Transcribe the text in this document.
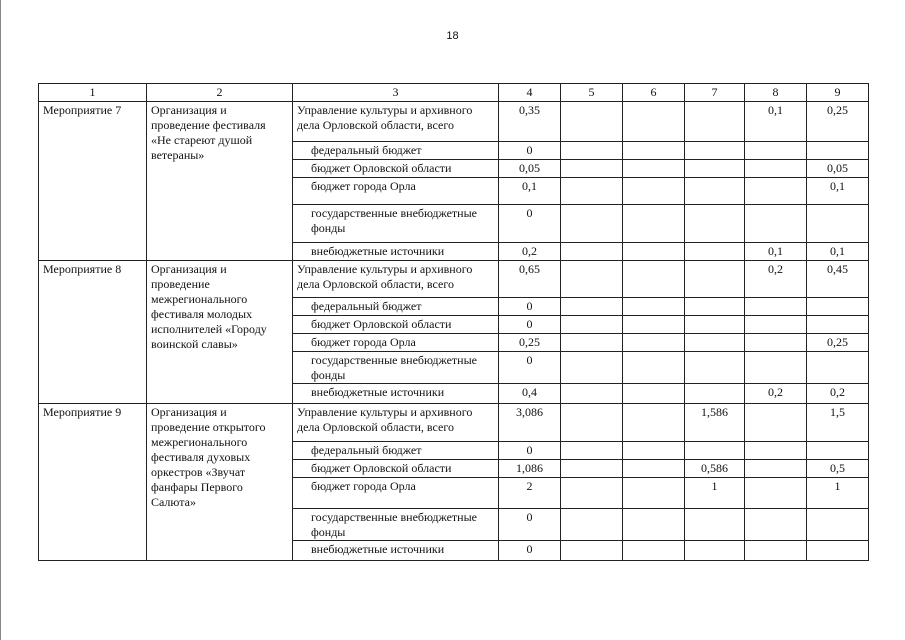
18
1	2	3	4	5	6	7	8	9
Мероприятие 7	Организация и проведение фестиваля «Не стареют душой ветераны»	Управление культуры и архивного дела Орловской области, всего	0,35				0,1	0,25
		федеральный бюджет	0					
		бюджет Орловской области	0,05					0,05
		бюджет города Орла	0,1					0,1
		государственные внебюджетные фонды	0					
		внебюджетные источники	0,2				0,1	0,1
Мероприятие 8	Организация и проведение межрегионального фестиваля молодых исполнителей «Городу воинской славы»	Управление культуры и архивного дела Орловской области, всего	0,65				0,2	0,45
		федеральный бюджет	0					
		бюджет Орловской области	0					
		бюджет города Орла	0,25					0,25
		государственные внебюджетные фонды	0					
		внебюджетные источники	0,4				0,2	0,2
Мероприятие 9	Организация и проведение открытого межрегионального фестиваля духовых оркестров «Звучат фанфары Первого Салюта»	Управление культуры и архивного дела Орловской области, всего	3,086			1,586		1,5
		федеральный бюджет	0					
		бюджет Орловской области	1,086			0,586		0,5
		бюджет города Орла	2			1		1
		государственные внебюджетные фонды	0					
		внебюджетные источники	0					
